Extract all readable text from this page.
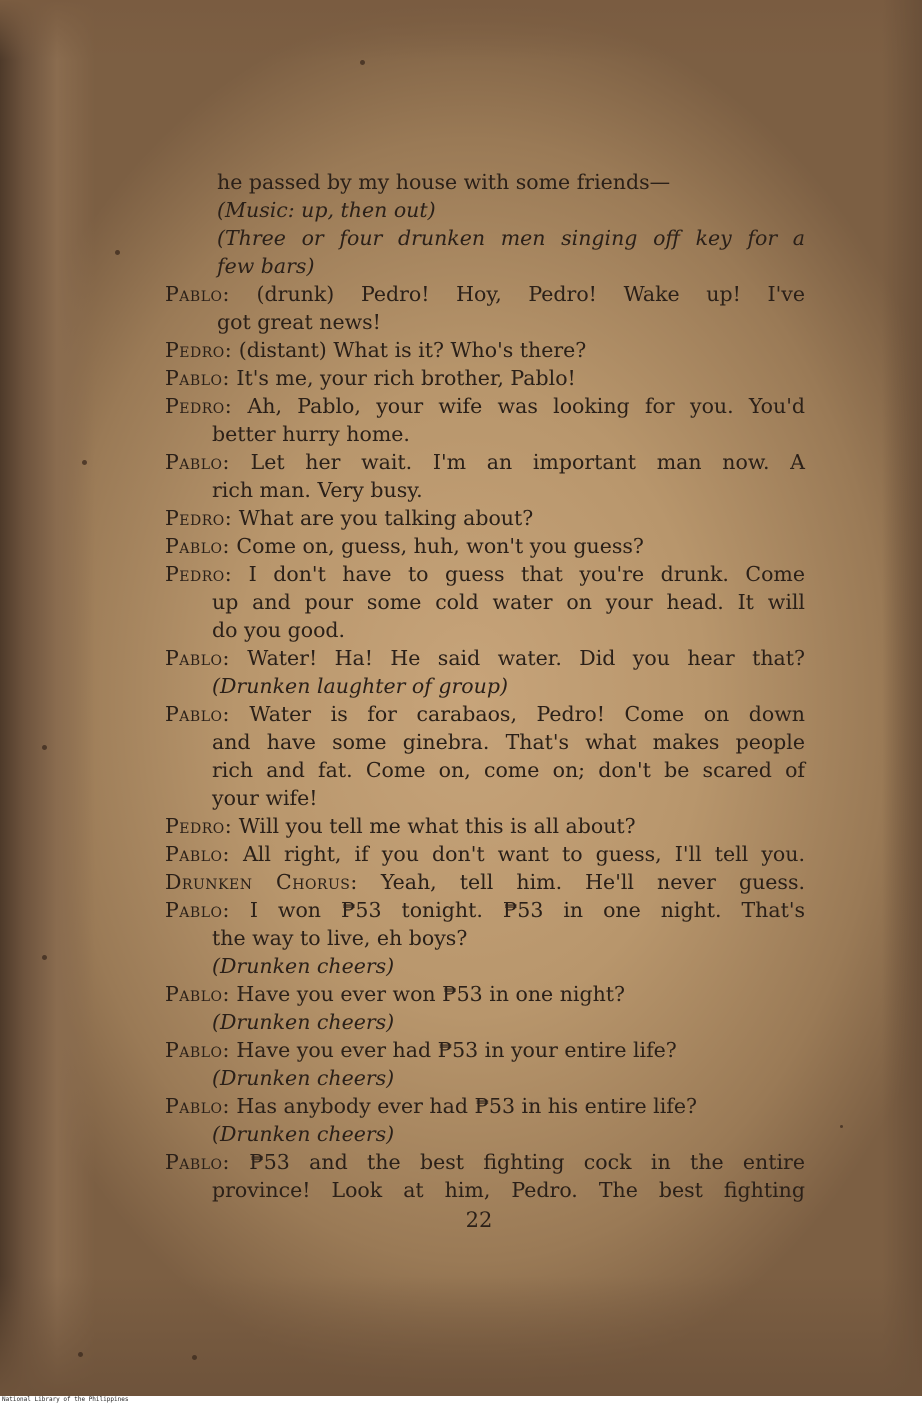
he passed by my house with some friends—
(Music: up, then out)
(Three or four drunken men singing off key for a
few bars)
Pablo: (drunk) Pedro! Hoy, Pedro! Wake up! I've
got great news!
Pedro: (distant) What is it? Who's there?
Pablo: It's me, your rich brother, Pablo!
Pedro: Ah, Pablo, your wife was looking for you. You'd
better hurry home.
Pablo: Let her wait. I'm an important man now. A
rich man. Very busy.
Pedro: What are you talking about?
Pablo: Come on, guess, huh, won't you guess?
Pedro: I don't have to guess that you're drunk. Come
up and pour some cold water on your head. It will
do you good.
Pablo: Water! Ha! He said water. Did you hear that?
(Drunken laughter of group)
Pablo: Water is for carabaos, Pedro! Come on down
and have some ginebra. That's what makes people
rich and fat. Come on, come on; don't be scared of
your wife!
Pedro: Will you tell me what this is all about?
Pablo: All right, if you don't want to guess, I'll tell you.
Drunken Chorus: Yeah, tell him. He'll never guess.
Pablo: I won ₱53 tonight. ₱53 in one night. That's
the way to live, eh boys?
(Drunken cheers)
Pablo: Have you ever won ₱53 in one night?
(Drunken cheers)
Pablo: Have you ever had ₱53 in your entire life?
(Drunken cheers)
Pablo: Has anybody ever had ₱53 in his entire life?
(Drunken cheers)
Pablo: ₱53 and the best fighting cock in the entire
province! Look at him, Pedro. The best fighting
22
National Library of the Philippines
